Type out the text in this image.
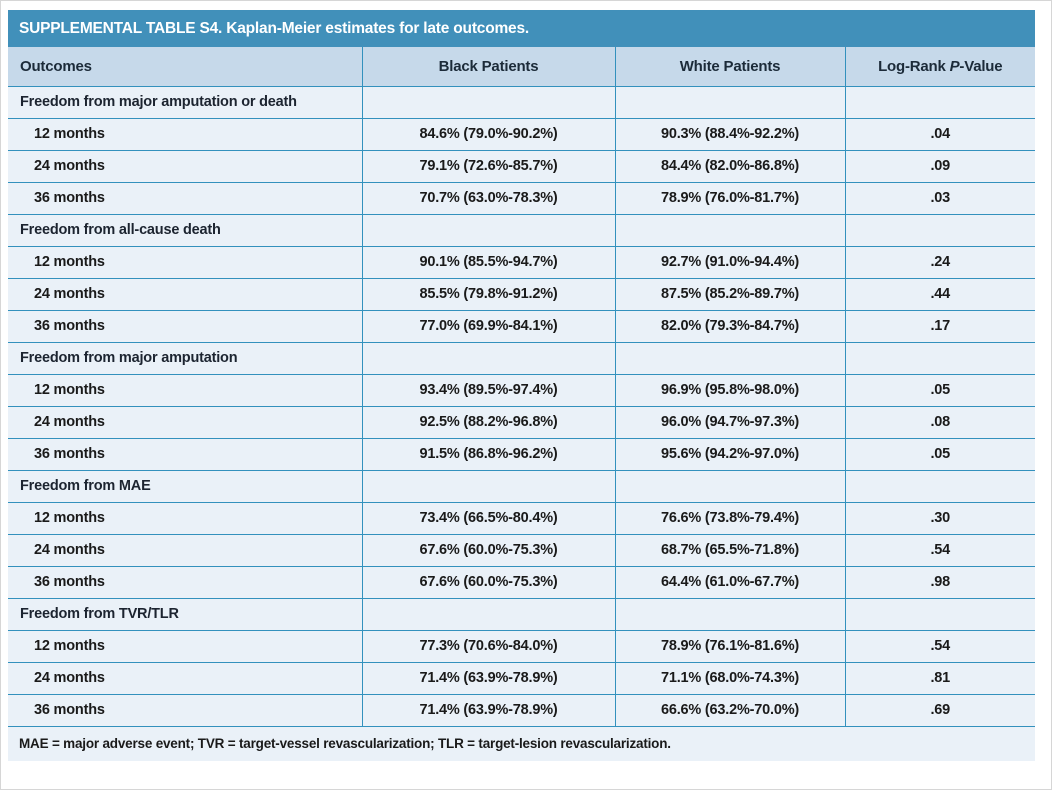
SUPPLEMENTAL TABLE S4. Kaplan-Meier estimates for late outcomes.
Outcomes	Black Patients	White Patients	Log-Rank P-Value
Freedom from major amputation or death			
12 months	84.6% (79.0%-90.2%)	90.3% (88.4%-92.2%)	.04
24 months	79.1% (72.6%-85.7%)	84.4% (82.0%-86.8%)	.09
36 months	70.7% (63.0%-78.3%)	78.9% (76.0%-81.7%)	.03
Freedom from all-cause death			
12 months	90.1% (85.5%-94.7%)	92.7% (91.0%-94.4%)	.24
24 months	85.5% (79.8%-91.2%)	87.5% (85.2%-89.7%)	.44
36 months	77.0% (69.9%-84.1%)	82.0% (79.3%-84.7%)	.17
Freedom from major amputation			
12 months	93.4% (89.5%-97.4%)	96.9% (95.8%-98.0%)	.05
24 months	92.5% (88.2%-96.8%)	96.0% (94.7%-97.3%)	.08
36 months	91.5% (86.8%-96.2%)	95.6% (94.2%-97.0%)	.05
Freedom from MAE			
12 months	73.4% (66.5%-80.4%)	76.6% (73.8%-79.4%)	.30
24 months	67.6% (60.0%-75.3%)	68.7% (65.5%-71.8%)	.54
36 months	67.6% (60.0%-75.3%)	64.4% (61.0%-67.7%)	.98
Freedom from TVR/TLR			
12 months	77.3% (70.6%-84.0%)	78.9% (76.1%-81.6%)	.54
24 months	71.4% (63.9%-78.9%)	71.1% (68.0%-74.3%)	.81
36 months	71.4% (63.9%-78.9%)	66.6% (63.2%-70.0%)	.69
MAE = major adverse event; TVR = target-vessel revascularization; TLR = target-lesion revascularization.
